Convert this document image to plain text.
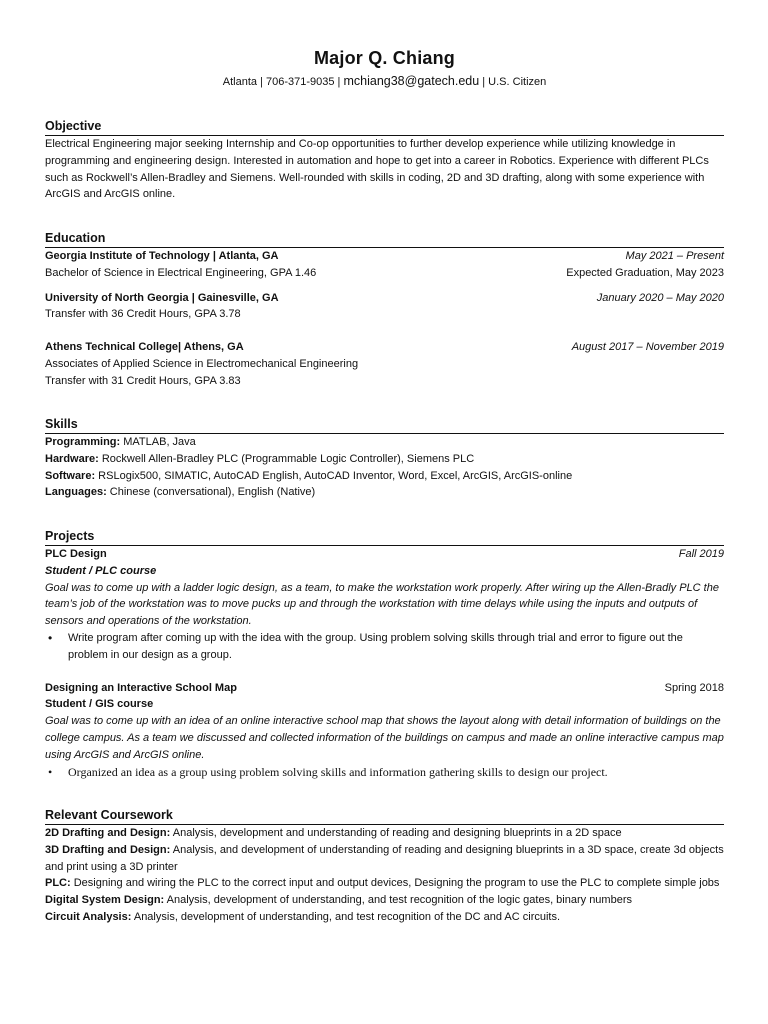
Major Q. Chiang
Atlanta | 706-371-9035 | mchiang38@gatech.edu | U.S. Citizen
Objective
Electrical Engineering major seeking Internship and Co-op opportunities to further develop experience while utilizing knowledge in programming and engineering design. Interested in automation and hope to get into a career in Robotics. Experience with different PLCs such as Rockwell’s Allen-Bradley and Siemens. Well-rounded with skills in coding, 2D and 3D drafting, along with some experience with ArcGIS and ArcGIS online.
Education
Georgia Institute of Technology | Atlanta, GA	May 2021 – Present
Bachelor of Science in Electrical Engineering, GPA 1.46	Expected Graduation, May 2023
University of North Georgia | Gainesville, GA	January 2020 – May 2020
Transfer with 36 Credit Hours, GPA 3.78
Athens Technical College| Athens, GA	August 2017 – November 2019
Associates of Applied Science in Electromechanical Engineering
Transfer with 31 Credit Hours, GPA 3.83
Skills
Programming: MATLAB, Java
Hardware: Rockwell Allen-Bradley PLC (Programmable Logic Controller), Siemens PLC
Software: RSLogix500, SIMATIC, AutoCAD English, AutoCAD Inventor, Word, Excel, ArcGIS, ArcGIS-online
Languages: Chinese (conversational), English (Native)
Projects
PLC Design	Fall 2019
Student / PLC course
Goal was to come up with a ladder logic design, as a team, to make the workstation work properly. After wiring up the Allen-Bradly PLC the team’s job of the workstation was to move pucks up and through the workstation with time delays while using the inputs and outputs of sensors and operations of the workstation.
• Write program after coming up with the idea with the group. Using problem solving skills through trial and error to figure out the problem in our design as a group.
Designing an Interactive School Map	Spring 2018
Student / GIS course
Goal was to come up with an idea of an online interactive school map that shows the layout along with detail information of buildings on the college campus. As a team we discussed and collected information of the buildings on campus and made an online interactive campus map using ArcGIS and ArcGIS online.
• Organized an idea as a group using problem solving skills and information gathering skills to design our project.
Relevant Coursework
2D Drafting and Design: Analysis, development and understanding of reading and designing blueprints in a 2D space
3D Drafting and Design: Analysis, and development of understanding of reading and designing blueprints in a 3D space, create 3d objects and print using a 3D printer
PLC: Designing and wiring the PLC to the correct input and output devices, Designing the program to use the PLC to complete simple jobs
Digital System Design: Analysis, development of understanding, and test recognition of the logic gates, binary numbers
Circuit Analysis: Analysis, development of understanding, and test recognition of the DC and AC circuits.
